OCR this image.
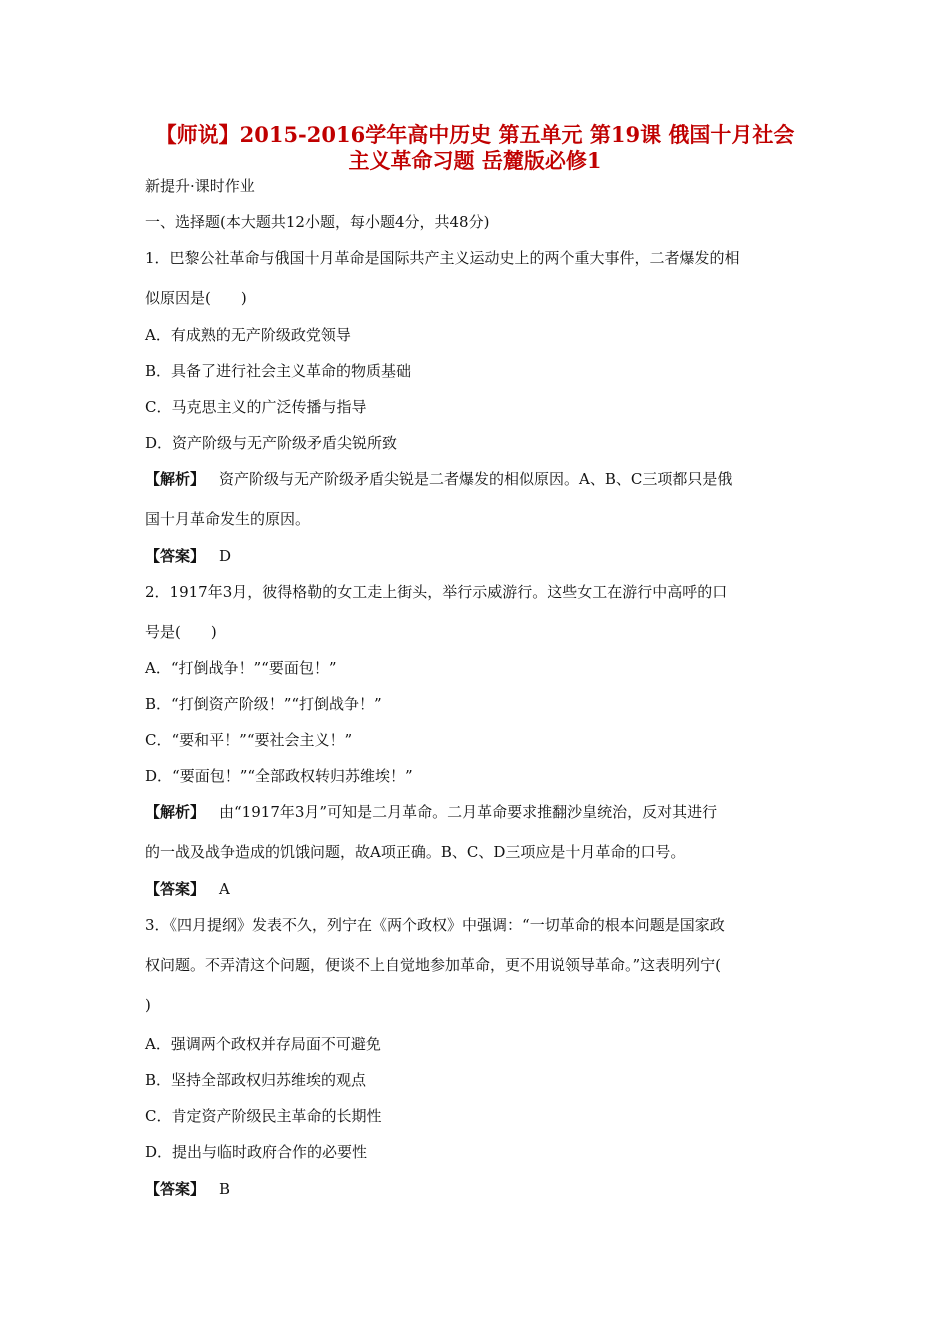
【师说】2015-2016学年高中历史 第五单元 第19课 俄国十月社会
主义革命习题 岳麓版必修1

新提升·课时作业

一、选择题(本大题共12小题，每小题4分，共48分)

1．巴黎公社革命与俄国十月革命是国际共产主义运动史上的两个重大事件，二者爆发的相

似原因是(　　)

A．有成熟的无产阶级政党领导

B．具备了进行社会主义革命的物质基础

C．马克思主义的广泛传播与指导

D．资产阶级与无产阶级矛盾尖锐所致

【解析】 资产阶级与无产阶级矛盾尖锐是二者爆发的相似原因。A、B、C三项都只是俄

国十月革命发生的原因。

【答案】 D

2．1917年3月，彼得格勒的女工走上街头，举行示威游行。这些女工在游行中高呼的口

号是(　　)

A．“打倒战争！”“要面包！”

B．“打倒资产阶级！”“打倒战争！”

C．“要和平！”“要社会主义！”

D．“要面包！”“全部政权转归苏维埃！”

【解析】 由“1917年3月”可知是二月革命。二月革命要求推翻沙皇统治，反对其进行

的一战及战争造成的饥饿问题，故A项正确。B、C、D三项应是十月革命的口号。

【答案】 A

3．《四月提纲》发表不久，列宁在《两个政权》中强调：“一切革命的根本问题是国家政

权问题。不弄清这个问题，便谈不上自觉地参加革命，更不用说领导革命。”这表明列宁(

)

A．强调两个政权并存局面不可避免

B．坚持全部政权归苏维埃的观点

C．肯定资产阶级民主革命的长期性

D．提出与临时政府合作的必要性

【答案】 B
